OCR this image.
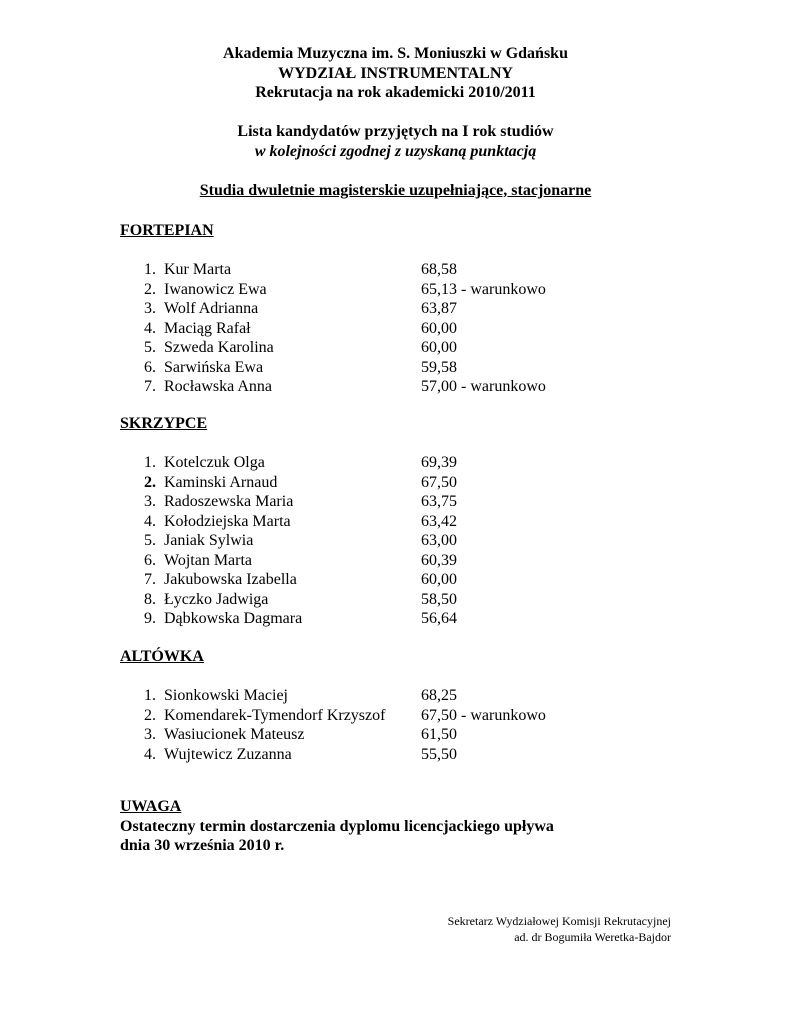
Akademia Muzyczna im. S. Moniuszki w Gdańsku
WYDZIAŁ INSTRUMENTALNY
Rekrutacja na rok akademicki 2010/2011
Lista kandydatów przyjętych na I rok studiów
w kolejności zgodnej z uzyskaną punktacją
Studia dwuletnie magisterskie uzupełniające, stacjonarne
FORTEPIAN
1. Kur Marta	68,58
2. Iwanowicz Ewa	65,13 - warunkowo
3. Wolf Adrianna	63,87
4. Maciąg Rafał	60,00
5. Szweda Karolina	60,00
6. Sarwińska Ewa	59,58
7. Rocławska Anna	57,00 - warunkowo
SKRZYPCE
1. Kotelczuk Olga	69,39
2. Kaminski Arnaud	67,50
3. Radoszewska Maria	63,75
4. Kołodziejska Marta	63,42
5. Janiak Sylwia	63,00
6. Wojtan Marta	60,39
7. Jakubowska Izabella	60,00
8. Łyczko Jadwiga	58,50
9. Dąbkowska Dagmara	56,64
ALTÓWKA
1. Sionkowski Maciej	68,25
2. Komendarek-Tymendorf Krzyszof 67,50 - warunkowo
3. Wasiucionek Mateusz	61,50
4. Wujtewicz Zuzanna	55,50
UWAGA
Ostateczny termin dostarczenia dyplomu licencjackiego upływa
dnia 30 września 2010 r.
Sekretarz Wydziałowej Komisji Rekrutacyjnej
ad. dr Bogumiła Weretka-Bajdor
